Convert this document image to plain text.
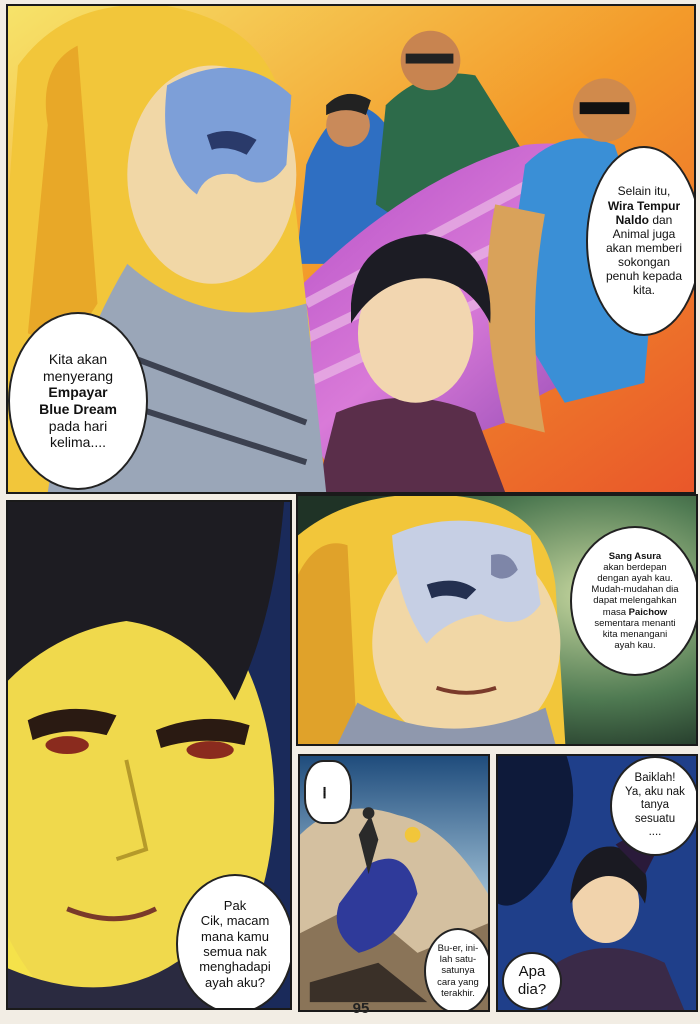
Kita akan
menyerang
Empayar
Blue Dream
pada hari
kelima....
Selain itu,
Wira Tempur
Naldo dan
Animal juga
akan memberi
sokongan
penuh kepada
kita.
Pak
Cik, macam
mana kamu
semua nak
menghadapi
ayah aku?
Sang Asura
akan berdepan
dengan ayah kau.
Mudah-mudahan dia
dapat melengahkan
masa Paichow
sementara menanti
kita menangani
ayah kau.
......
Bu-er, ini-
lah satu-
satunya
cara yang
terakhir.
Baiklah!
Ya, aku nak
tanya
sesuatu
....
Apa
dia?
95
